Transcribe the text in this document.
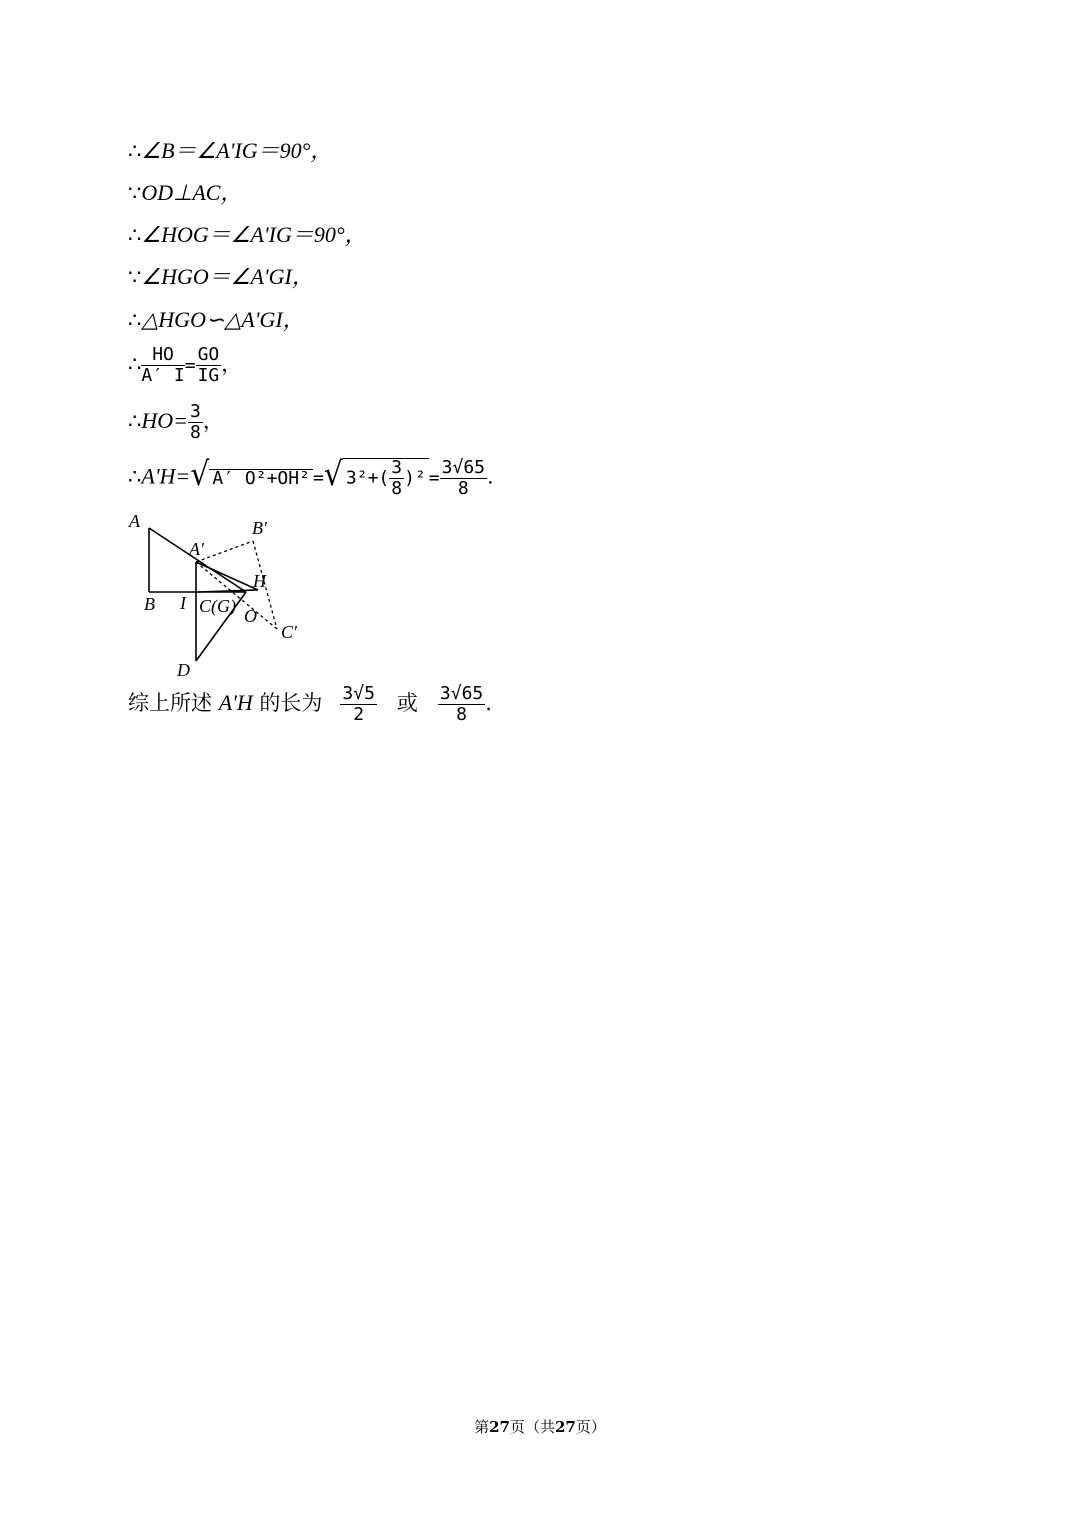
∴∠B＝∠A'IG＝90°，
∵OD⊥AC，
∴∠HOG＝∠A'IG＝90°，
∵∠HGO＝∠A'GI，
∴△HGO∽△A'GI，
∴ $\frac{HO}{A' I} = \frac{GO}{IG}$ ，
∴HO= $\frac{3}{8}$ ，
∴A'H=√ A′ O²+OH² =√ $3^2+( \frac{3}{8} )^2 = \frac{3√65}{8}$ .
A
A′
B′
H
B I C(G) O
C′
D
综上所述 A'H 的长为 $\frac{3√5}{2}$ 或 $\frac{3√65}{8}$ .
第27页（共27页）
